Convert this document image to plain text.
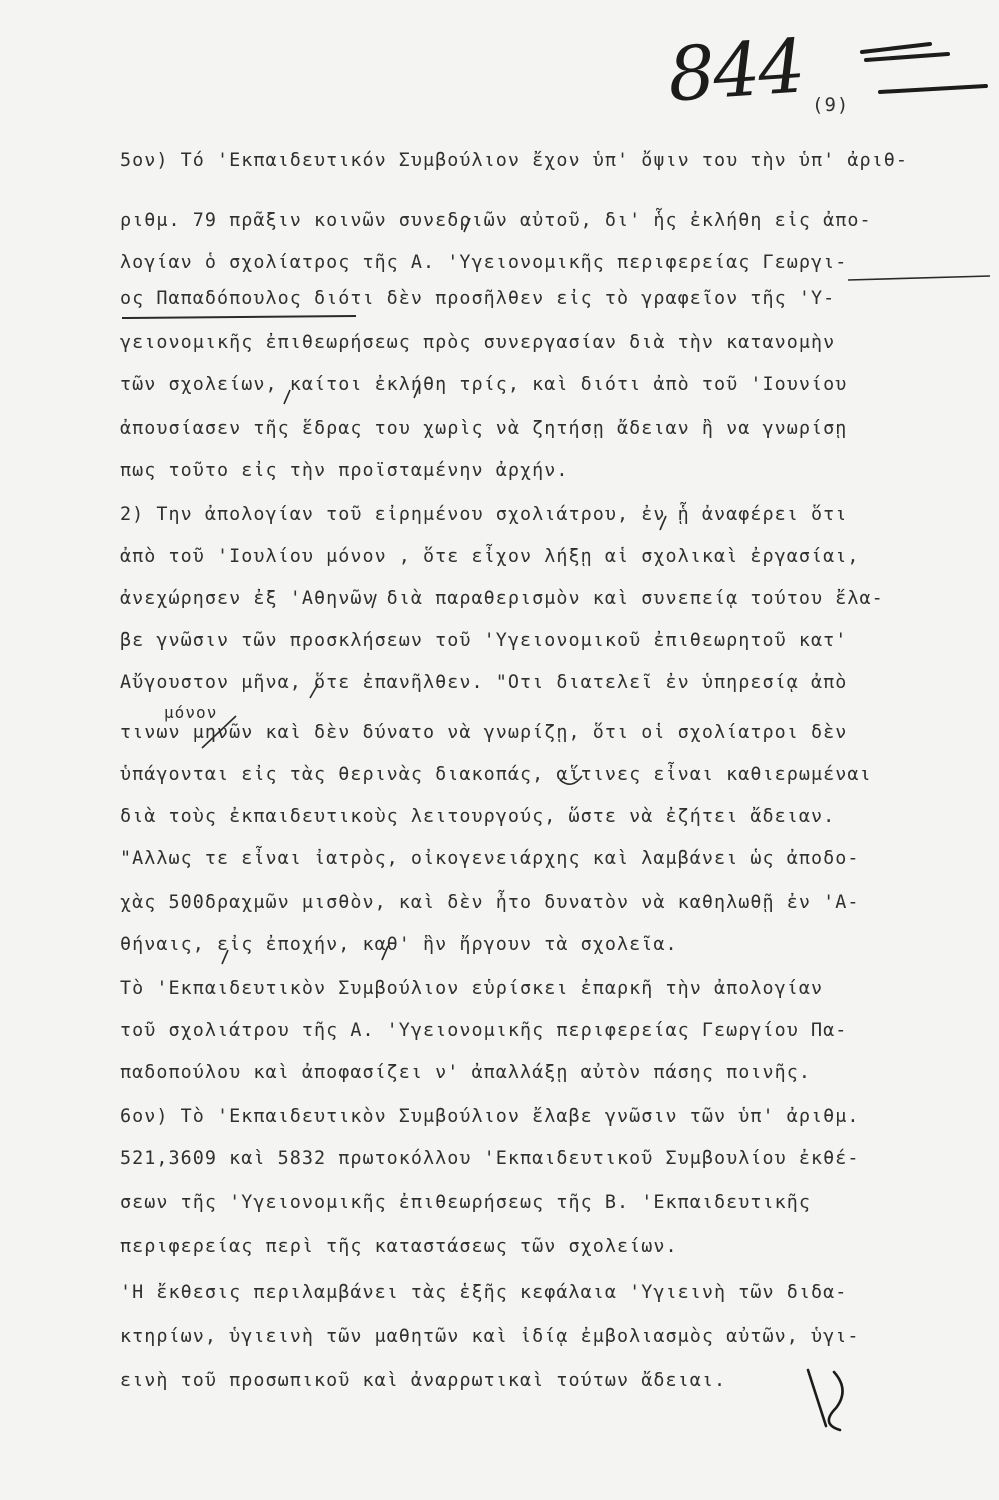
844 (9)
5ον) Τό 'Εκπαιδευτικόν Συμβούλιον ἔχον ὑπ' ὄψιν του τὴν ὑπ' ἀριθ-
ριθμ. 79 πρᾶξιν κοινῶν συνεδριῶν αὐτοῦ, δι' ἧς ἐκλήθη εἰς ἀπο-
λογίαν ὁ σχολίατρος τῆς Α. 'Υγειονομικῆς περιφερείας Γεωργι-
ος Παπαδόπουλος διότι δὲν προσῆλθεν εἰς τὸ γραφεῖον τῆς 'Υ-
γειονομικῆς ἐπιθεωρήσεως πρὸς συνεργασίαν διὰ τὴν κατανομὴν
τῶν σχολείων, καίτοι ἐκλήθη τρίς, καὶ διότι ἀπὸ τοῦ 'Ιουνίου
ἀπουσίασεν τῆς ἕδρας του χωρὶς νὰ ζητήσῃ ἄδειαν ἢ να γνωρίσῃ
πως τοῦτο εἰς τὴν προϊσταμένην ἀρχήν.
2) Την ἀπολογίαν τοῦ εἰρημένου σχολιάτρου, ἐν ᾗ ἀναφέρει ὅτι
ἀπὸ τοῦ 'Ιουλίου μόνον , ὅτε εἶχον λήξῃ αἱ σχολικαὶ ἐργασίαι,
ἀνεχώρησεν ἐξ 'Αθηνῶν διὰ παραθερισμὸν καὶ συνεπείᾳ τούτου ἔλα-
βε γνῶσιν τῶν προσκλήσεων τοῦ 'Υγειονομικοῦ ἐπιθεωρητοῦ κατ'
Αὔγουστον μῆνα, ὅτε ἐπανῆλθεν. "Οτι διατελεῖ ἐν ὑπηρεσίᾳ ἀπὸ
τινων μηνῶν καὶ δὲν δύνατο νὰ γνωρίζῃ, ὅτι οἱ σχολίατροι δὲν
ὑπάγονται εἰς τὰς θερινὰς διακοπάς, αἵτινες εἶναι καθιερωμέναι
διὰ τοὺς ἐκπαιδευτικοὺς λειτουργούς, ὥστε νὰ ἐζήτει ἄδειαν.
"Αλλως τε εἶναι ἰατρὸς, οἰκογενειάρχης καὶ λαμβάνει ὡς ἀποδο-
χὰς 500δραχμῶν μισθὸν, καὶ δὲν ἦτο δυνατὸν νὰ καθηλωθῇ ἐν 'Α-
θήναις, εἰς ἐποχήν, καθ' ἣν ἤργουν τὰ σχολεῖα.
Τὸ 'Εκπαιδευτικὸν Συμβούλιον εὑρίσκει ἐπαρκῆ τὴν ἀπολογίαν
τοῦ σχολιάτρου τῆς Α. 'Υγειονομικῆς περιφερείας Γεωργίου Πα-
παδοπούλου καὶ ἀποφασίζει ν' ἀπαλλάξῃ αὐτὸν πάσης ποινῆς.
6ον) Τὸ 'Εκπαιδευτικὸν Συμβούλιον ἔλαβε γνῶσιν τῶν ὑπ' ἀριθμ.
521,3609 καὶ 5832 πρωτοκόλλου 'Εκπαιδευτικοῦ Συμβουλίου ἐκθέ-
σεων τῆς 'Υγειονομικῆς ἐπιθεωρήσεως τῆς Β. 'Εκπαιδευτικῆς
περιφερείας περὶ τῆς καταστάσεως τῶν σχολείων.
'Η ἔκθεσις περιλαμβάνει τὰς ἑξῆς κεφάλαια 'Υγιεινὴ τῶν διδα-
κτηρίων, ὑγιεινὴ τῶν μαθητῶν καὶ ἰδίᾳ ἐμβολιασμὸς αὐτῶν, ὑγι-
εινὴ τοῦ προσωπικοῦ καὶ ἀναρρωτικαὶ τούτων ἄδειαι.
μόνον
